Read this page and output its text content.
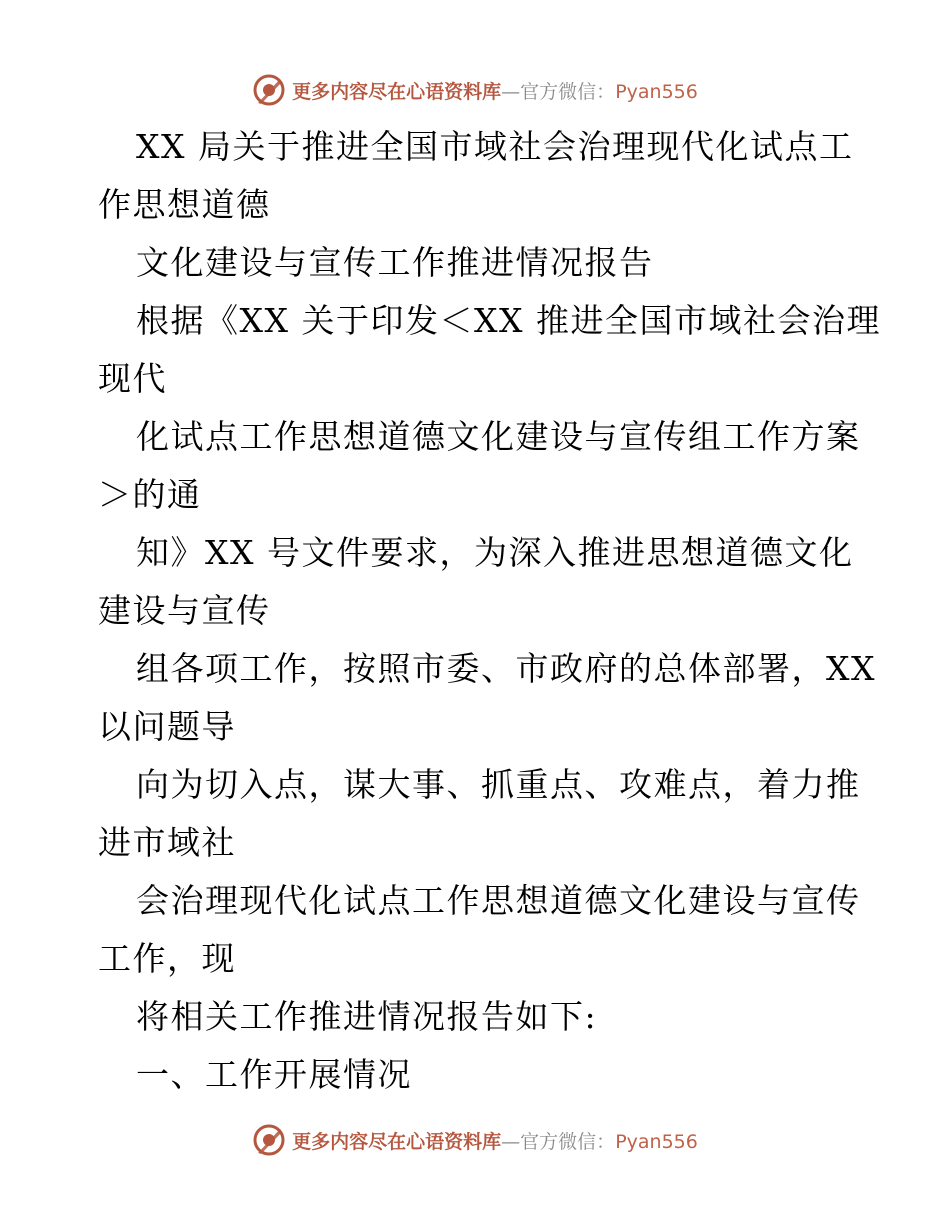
更多内容尽在心语资料库—官方微信：Pyan556
XX 局关于推进全国市域社会治理现代化试点工
作思想道德
文化建设与宣传工作推进情况报告
根据《XX 关于印发＜XX 推进全国市域社会治理
现代
化试点工作思想道德文化建设与宣传组工作方案
＞的通
知》XX 号文件要求，为深入推进思想道德文化
建设与宣传
组各项工作，按照市委、市政府的总体部署，XX
以问题导
向为切入点，谋大事、抓重点、攻难点，着力推
进市域社
会治理现代化试点工作思想道德文化建设与宣传
工作，现
将相关工作推进情况报告如下:
一、工作开展情况
更多内容尽在心语资料库—官方微信：Pyan556
